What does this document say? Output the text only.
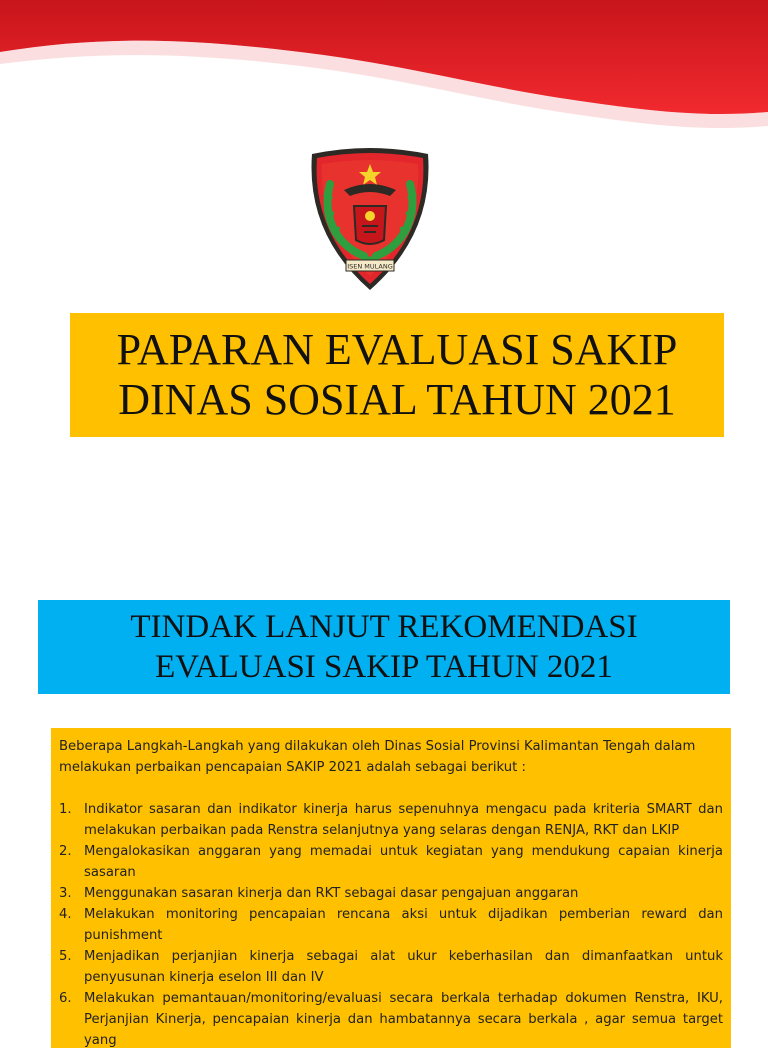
ISEN MULANG
PAPARAN EVALUASI SAKIP
DINAS SOSIAL TAHUN 2021
TINDAK LANJUT REKOMENDASI
EVALUASI SAKIP TAHUN 2021

Beberapa Langkah-Langkah yang dilakukan oleh Dinas Sosial Provinsi Kalimantan Tengah dalam melakukan perbaikan pencapaian SAKIP 2021 adalah sebagai berikut :

1. Indikator sasaran dan indikator kinerja harus sepenuhnya mengacu pada kriteria SMART dan melakukan perbaikan pada Renstra selanjutnya yang selaras dengan RENJA, RKT dan LKIP
2. Mengalokasikan anggaran yang memadai untuk kegiatan yang mendukung capaian kinerja sasaran
3. Menggunakan sasaran kinerja dan RKT sebagai dasar pengajuan anggaran
4. Melakukan monitoring pencapaian rencana aksi untuk dijadikan pemberian reward dan punishment
5. Menjadikan perjanjian kinerja sebagai alat ukur keberhasilan dan dimanfaatkan untuk penyusunan kinerja eselon III dan IV
6. Melakukan pemantauan/monitoring/evaluasi secara berkala terhadap dokumen Renstra, IKU, Perjanjian Kinerja, pencapaian kinerja dan hambatannya secara berkala , agar semua target yang
